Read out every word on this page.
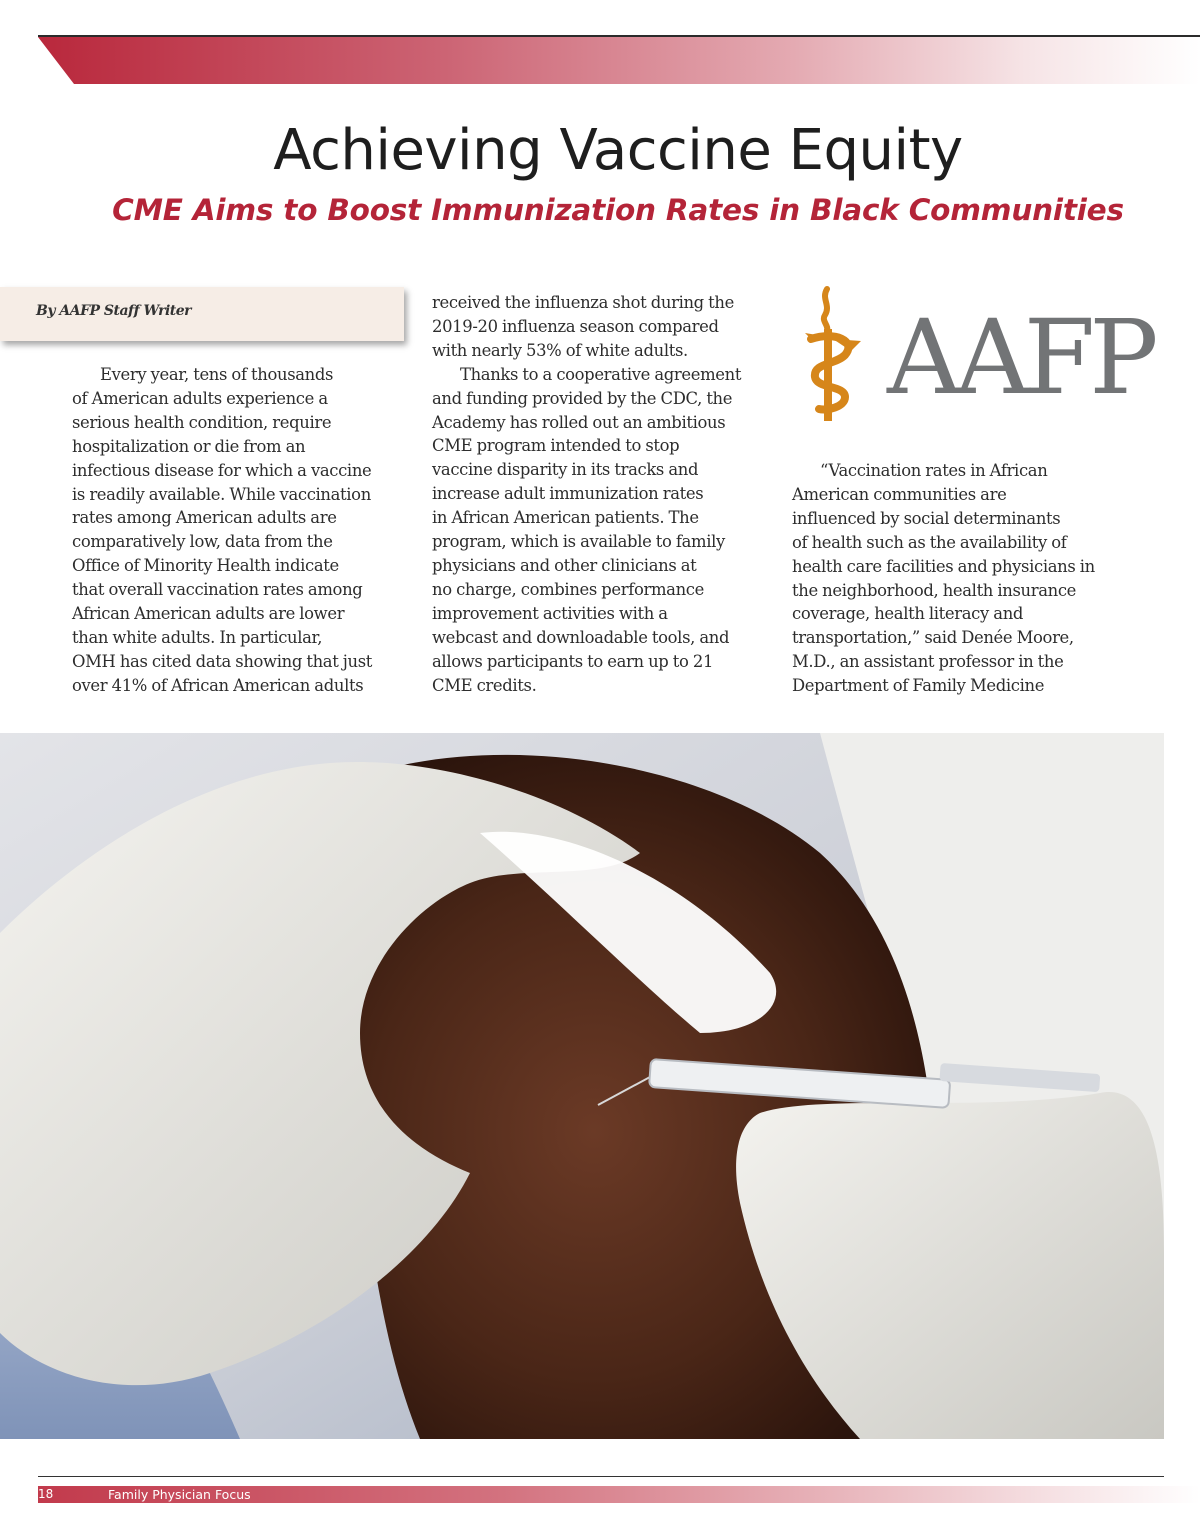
Achieving Vaccine Equity
CME Aims to Boost Immunization Rates in Black Communities
By AAFP Staff Writer

Every year, tens of thousands

of American adults experience a

serious health condition, require

hospitalization or die from an

infectious disease for which a vaccine

is readily available. While vaccination

rates among American adults are

comparatively low, data from the

Office of Minority Health indicate

that overall vaccination rates among

African American adults are lower

than white adults. In particular,

OMH has cited data showing that just

over 41% of African American adults

received the influenza shot during the

2019-20 influenza season compared

with nearly 53% of white adults.

Thanks to a cooperative agreement

and funding provided by the CDC, the

Academy has rolled out an ambitious

CME program intended to stop

vaccine disparity in its tracks and

increase adult immunization rates

in African American patients. The

program, which is available to family

physicians and other clinicians at

no charge, combines performance

improvement activities with a

webcast and downloadable tools, and

allows participants to earn up to 21

CME credits.

AAFP

“Vaccination rates in African

American communities are

influenced by social determinants

of health such as the availability of

health care facilities and physicians in

the neighborhood, health insurance

coverage, health literacy and

transportation,” said Denée Moore,

M.D., an assistant professor in the

Department of Family Medicine

18	Family Physician Focus
